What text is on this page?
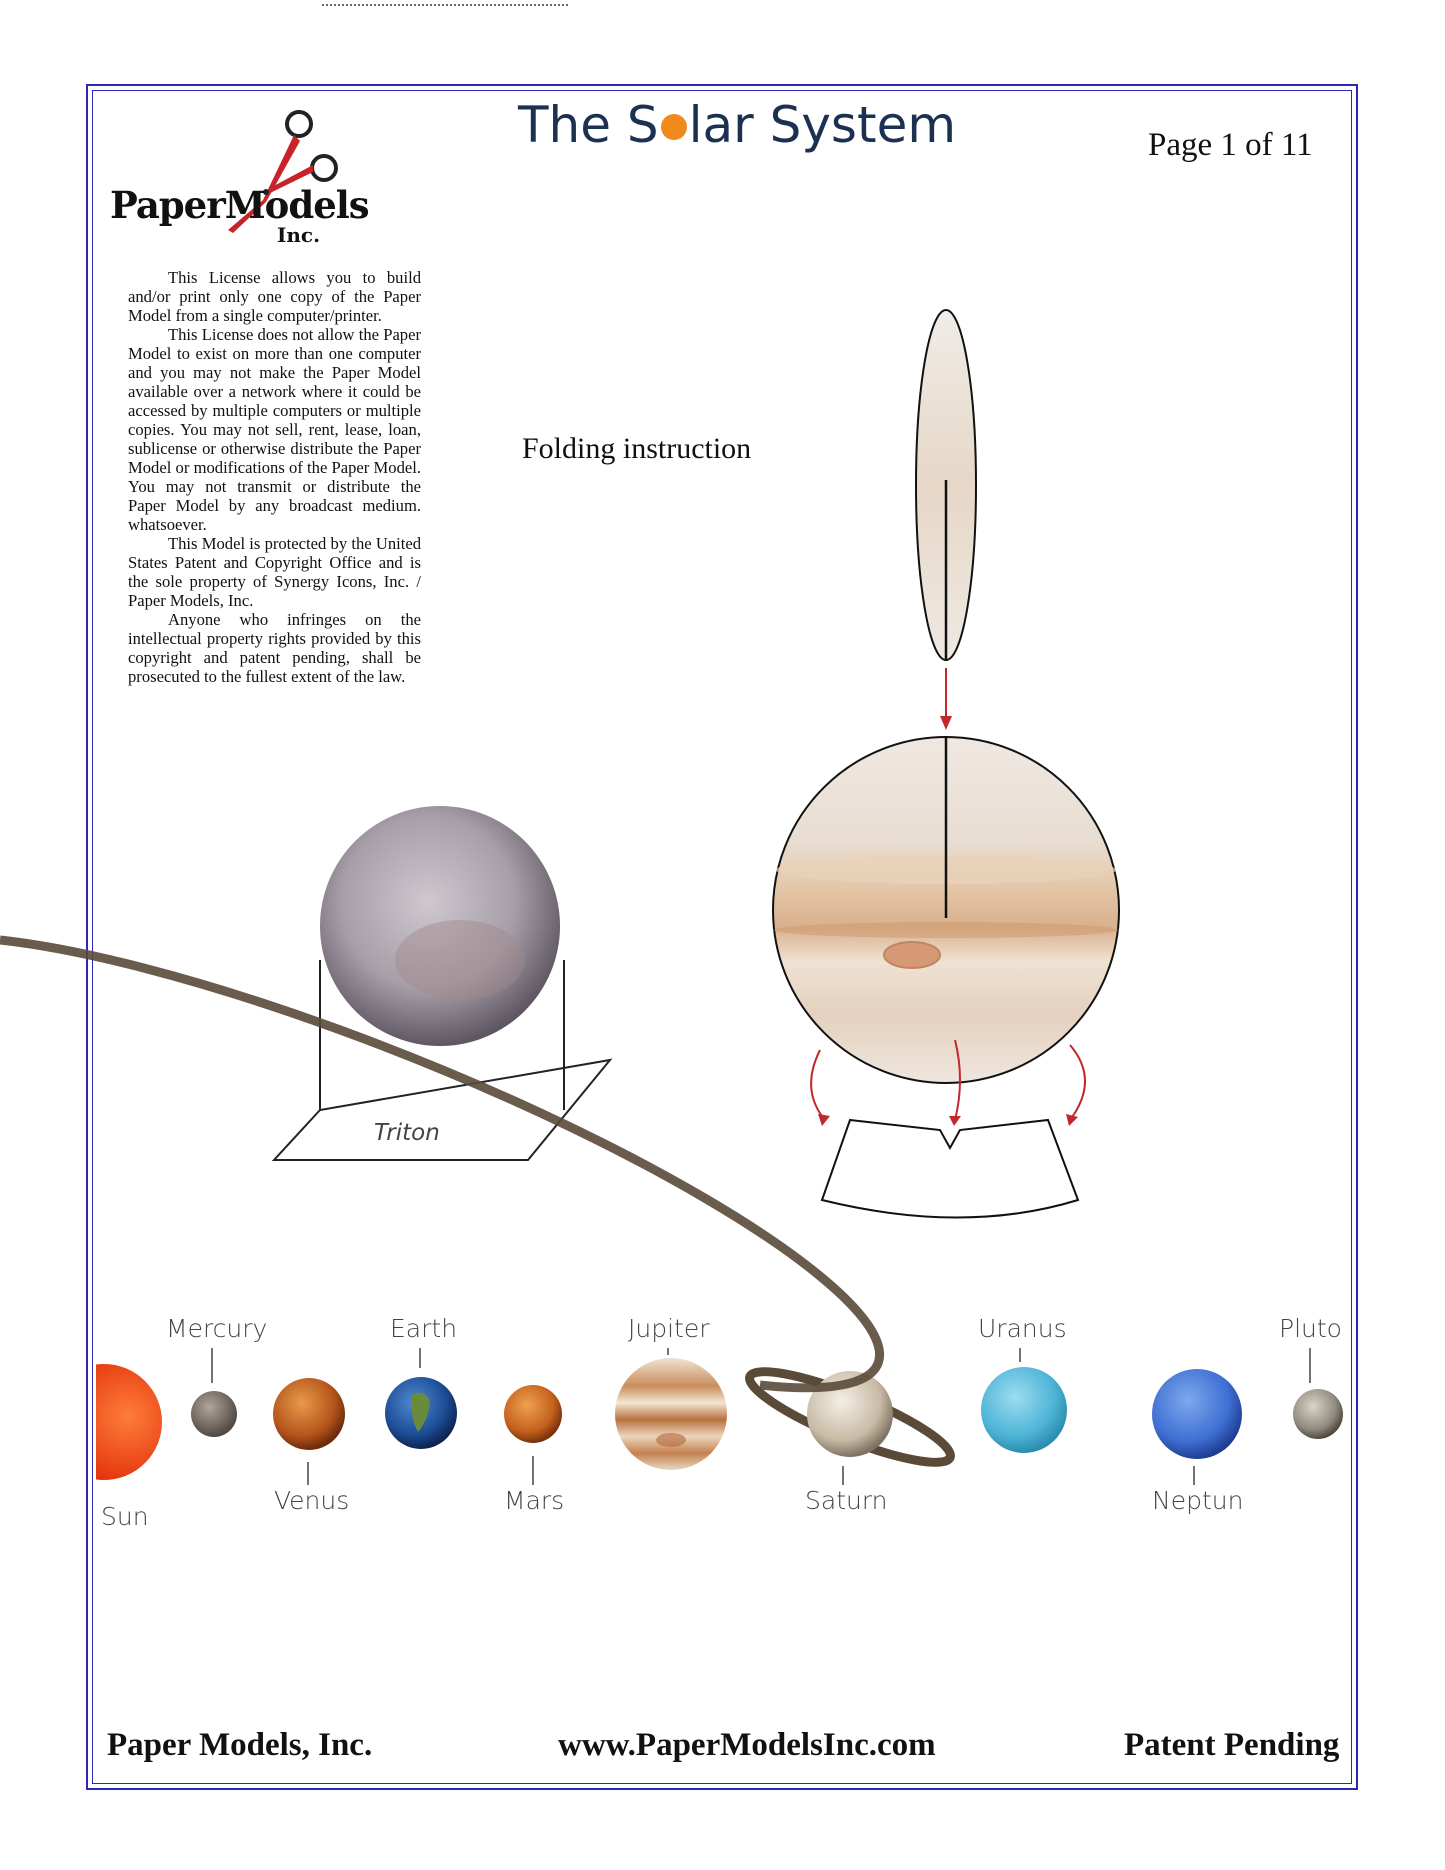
PaperModels
Inc.
The S lar System	Page 1 of 11

This License allows you to build and/or print only one copy of the Paper Model from a single computer/printer.

This License does not allow the Paper Model to exist on more than one computer and you may not make the Paper Model available over a network where it could be accessed by multiple computers or multiple copies. You may not sell, rent, lease, loan, sublicense or otherwise distribute the Paper Model or modifications of the Paper Model. You may not transmit or distribute the Paper Model by any broadcast medium. whatsoever.

This Model is protected by the United States Patent and Copyright Office and is the sole property of Synergy Icons, Inc. / Paper Models, Inc.

Anyone who infringes on the intellectual property rights provided by this copyright and patent pending, shall be prosecuted to the fullest extent of the law.

Folding instruction
Triton
Sun
Mercury
Venus
Earth
Mars
Jupiter
Saturn
Uranus
Neptun
Pluto
Paper Models, Inc.	www.PaperModelsInc.com	Patent Pending
